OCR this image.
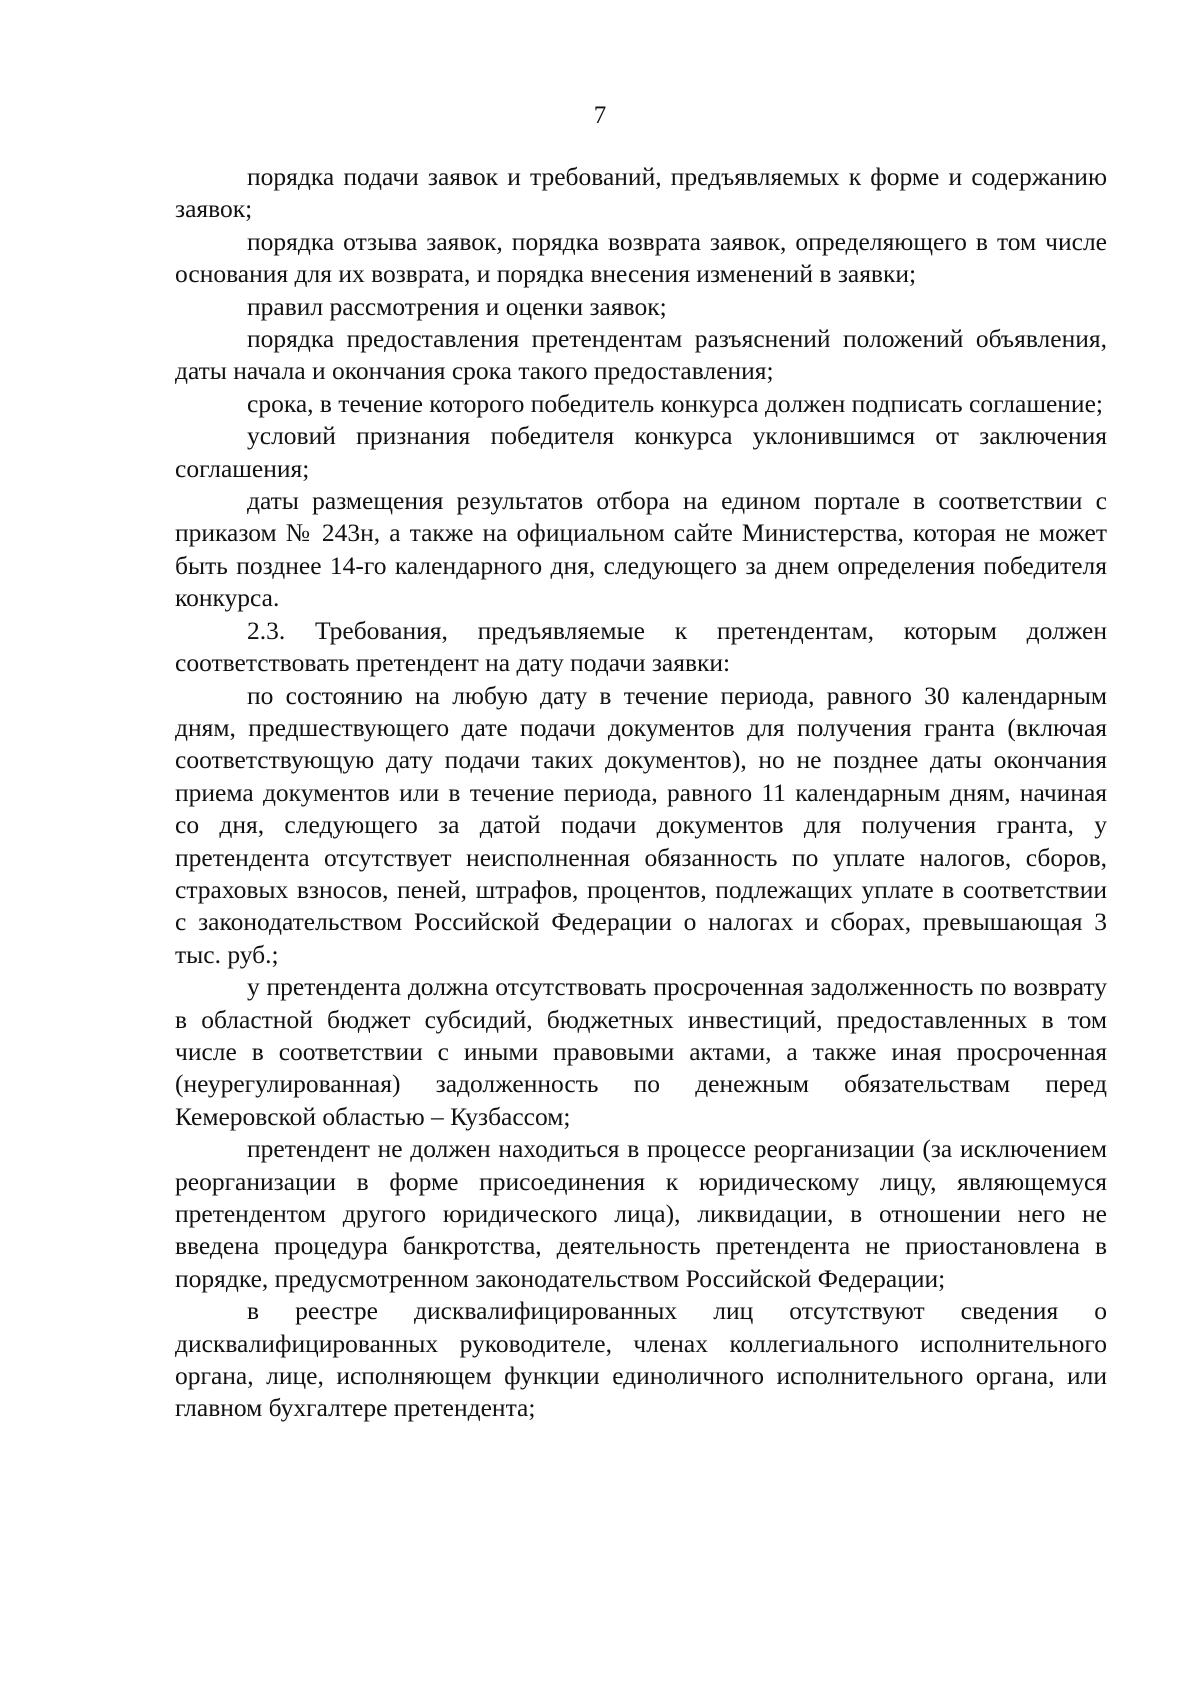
7

порядка подачи заявок и требований, предъявляемых к форме и содержанию заявок;

порядка отзыва заявок, порядка возврата заявок, определяющего в том числе основания для их возврата, и порядка внесения изменений в заявки;

правил рассмотрения и оценки заявок;

порядка предоставления претендентам разъяснений положений объявления, даты начала и окончания срока такого предоставления;

срока, в течение которого победитель конкурса должен подписать соглашение;

условий признания победителя конкурса уклонившимся от заключения соглашения;

даты размещения результатов отбора на едином портале в соответствии с приказом № 243н, а также на официальном сайте Министерства, которая не может быть позднее 14-го календарного дня, следующего за днем определения победителя конкурса.

2.3. Требования, предъявляемые к претендентам, которым должен соответствовать претендент на дату подачи заявки:

по состоянию на любую дату в течение периода, равного 30 календарным дням, предшествующего дате подачи документов для получения гранта (включая соответствующую дату подачи таких документов), но не позднее даты окончания приема документов или в течение периода, равного 11 календарным дням, начиная со дня, следующего за датой подачи документов для получения гранта, у претендента отсутствует неисполненная обязанность по уплате налогов, сборов, страховых взносов, пеней, штрафов, процентов, подлежащих уплате в соответствии с законодательством Российской Федерации о налогах и сборах, превышающая 3 тыс. руб.;

у претендента должна отсутствовать просроченная задолженность по возврату в областной бюджет субсидий, бюджетных инвестиций, предоставленных в том числе в соответствии с иными правовыми актами, а также иная просроченная (неурегулированная) задолженность по денежным обязательствам перед Кемеровской областью – Кузбассом;

претендент не должен находиться в процессе реорганизации (за исключением реорганизации в форме присоединения к юридическому лицу, являющемуся претендентом другого юридического лица), ликвидации, в отношении него не введена процедура банкротства, деятельность претендента не приостановлена в порядке, предусмотренном законодательством Российской Федерации;

в реестре дисквалифицированных лиц отсутствуют сведения о дисквалифицированных руководителе, членах коллегиального исполнительного органа, лице, исполняющем функции единоличного исполнительного органа, или главном бухгалтере претендента;
